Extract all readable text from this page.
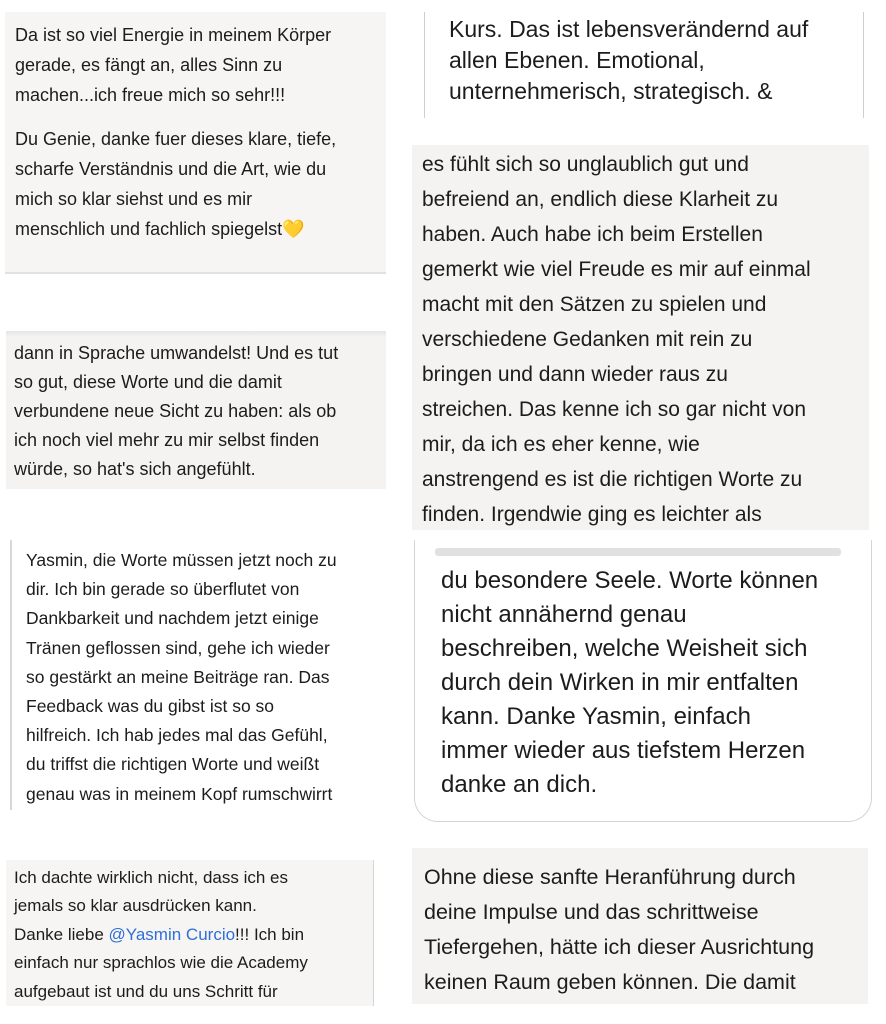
Da ist so viel Energie in meinem Körper
gerade, es fängt an, alles Sinn zu
machen...ich freue mich so sehr!!!

Du Genie, danke fuer dieses klare, tiefe,
scharfe Verständnis und die Art, wie du
mich so klar siehst und es mir
menschlich und fachlich spiegelst💛

Kurs. Das ist lebensverändernd auf
allen Ebenen. Emotional,
unternehmerisch, strategisch. &

dann in Sprache umwandelst! Und es tut
so gut, diese Worte und die damit
verbundene neue Sicht zu haben: als ob
ich noch viel mehr zu mir selbst finden
würde, so hat's sich angefühlt.

es fühlt sich so unglaublich gut und
befreiend an, endlich diese Klarheit zu
haben. Auch habe ich beim Erstellen
gemerkt wie viel Freude es mir auf einmal
macht mit den Sätzen zu spielen und
verschiedene Gedanken mit rein zu
bringen und dann wieder raus zu
streichen. Das kenne ich so gar nicht von
mir, da ich es eher kenne, wie
anstrengend es ist die richtigen Worte zu
finden. Irgendwie ging es leichter als

Yasmin, die Worte müssen jetzt noch zu
dir. Ich bin gerade so überflutet von
Dankbarkeit und nachdem jetzt einige
Tränen geflossen sind, gehe ich wieder
so gestärkt an meine Beiträge ran. Das
Feedback was du gibst ist so so
hilfreich. Ich hab jedes mal das Gefühl,
du triffst die richtigen Worte und weißt
genau was in meinem Kopf rumschwirrt

du besondere Seele. Worte können
nicht annähernd genau
beschreiben, welche Weisheit sich
durch dein Wirken in mir entfalten
kann. Danke Yasmin, einfach
immer wieder aus tiefstem Herzen
danke an dich.

Ich dachte wirklich nicht, dass ich es
jemals so klar ausdrücken kann.
Danke liebe @Yasmin Curcio!!! Ich bin
einfach nur sprachlos wie die Academy
aufgebaut ist und du uns Schritt für

Ohne diese sanfte Heranführung durch
deine Impulse und das schrittweise
Tiefergehen, hätte ich dieser Ausrichtung
keinen Raum geben können. Die damit
